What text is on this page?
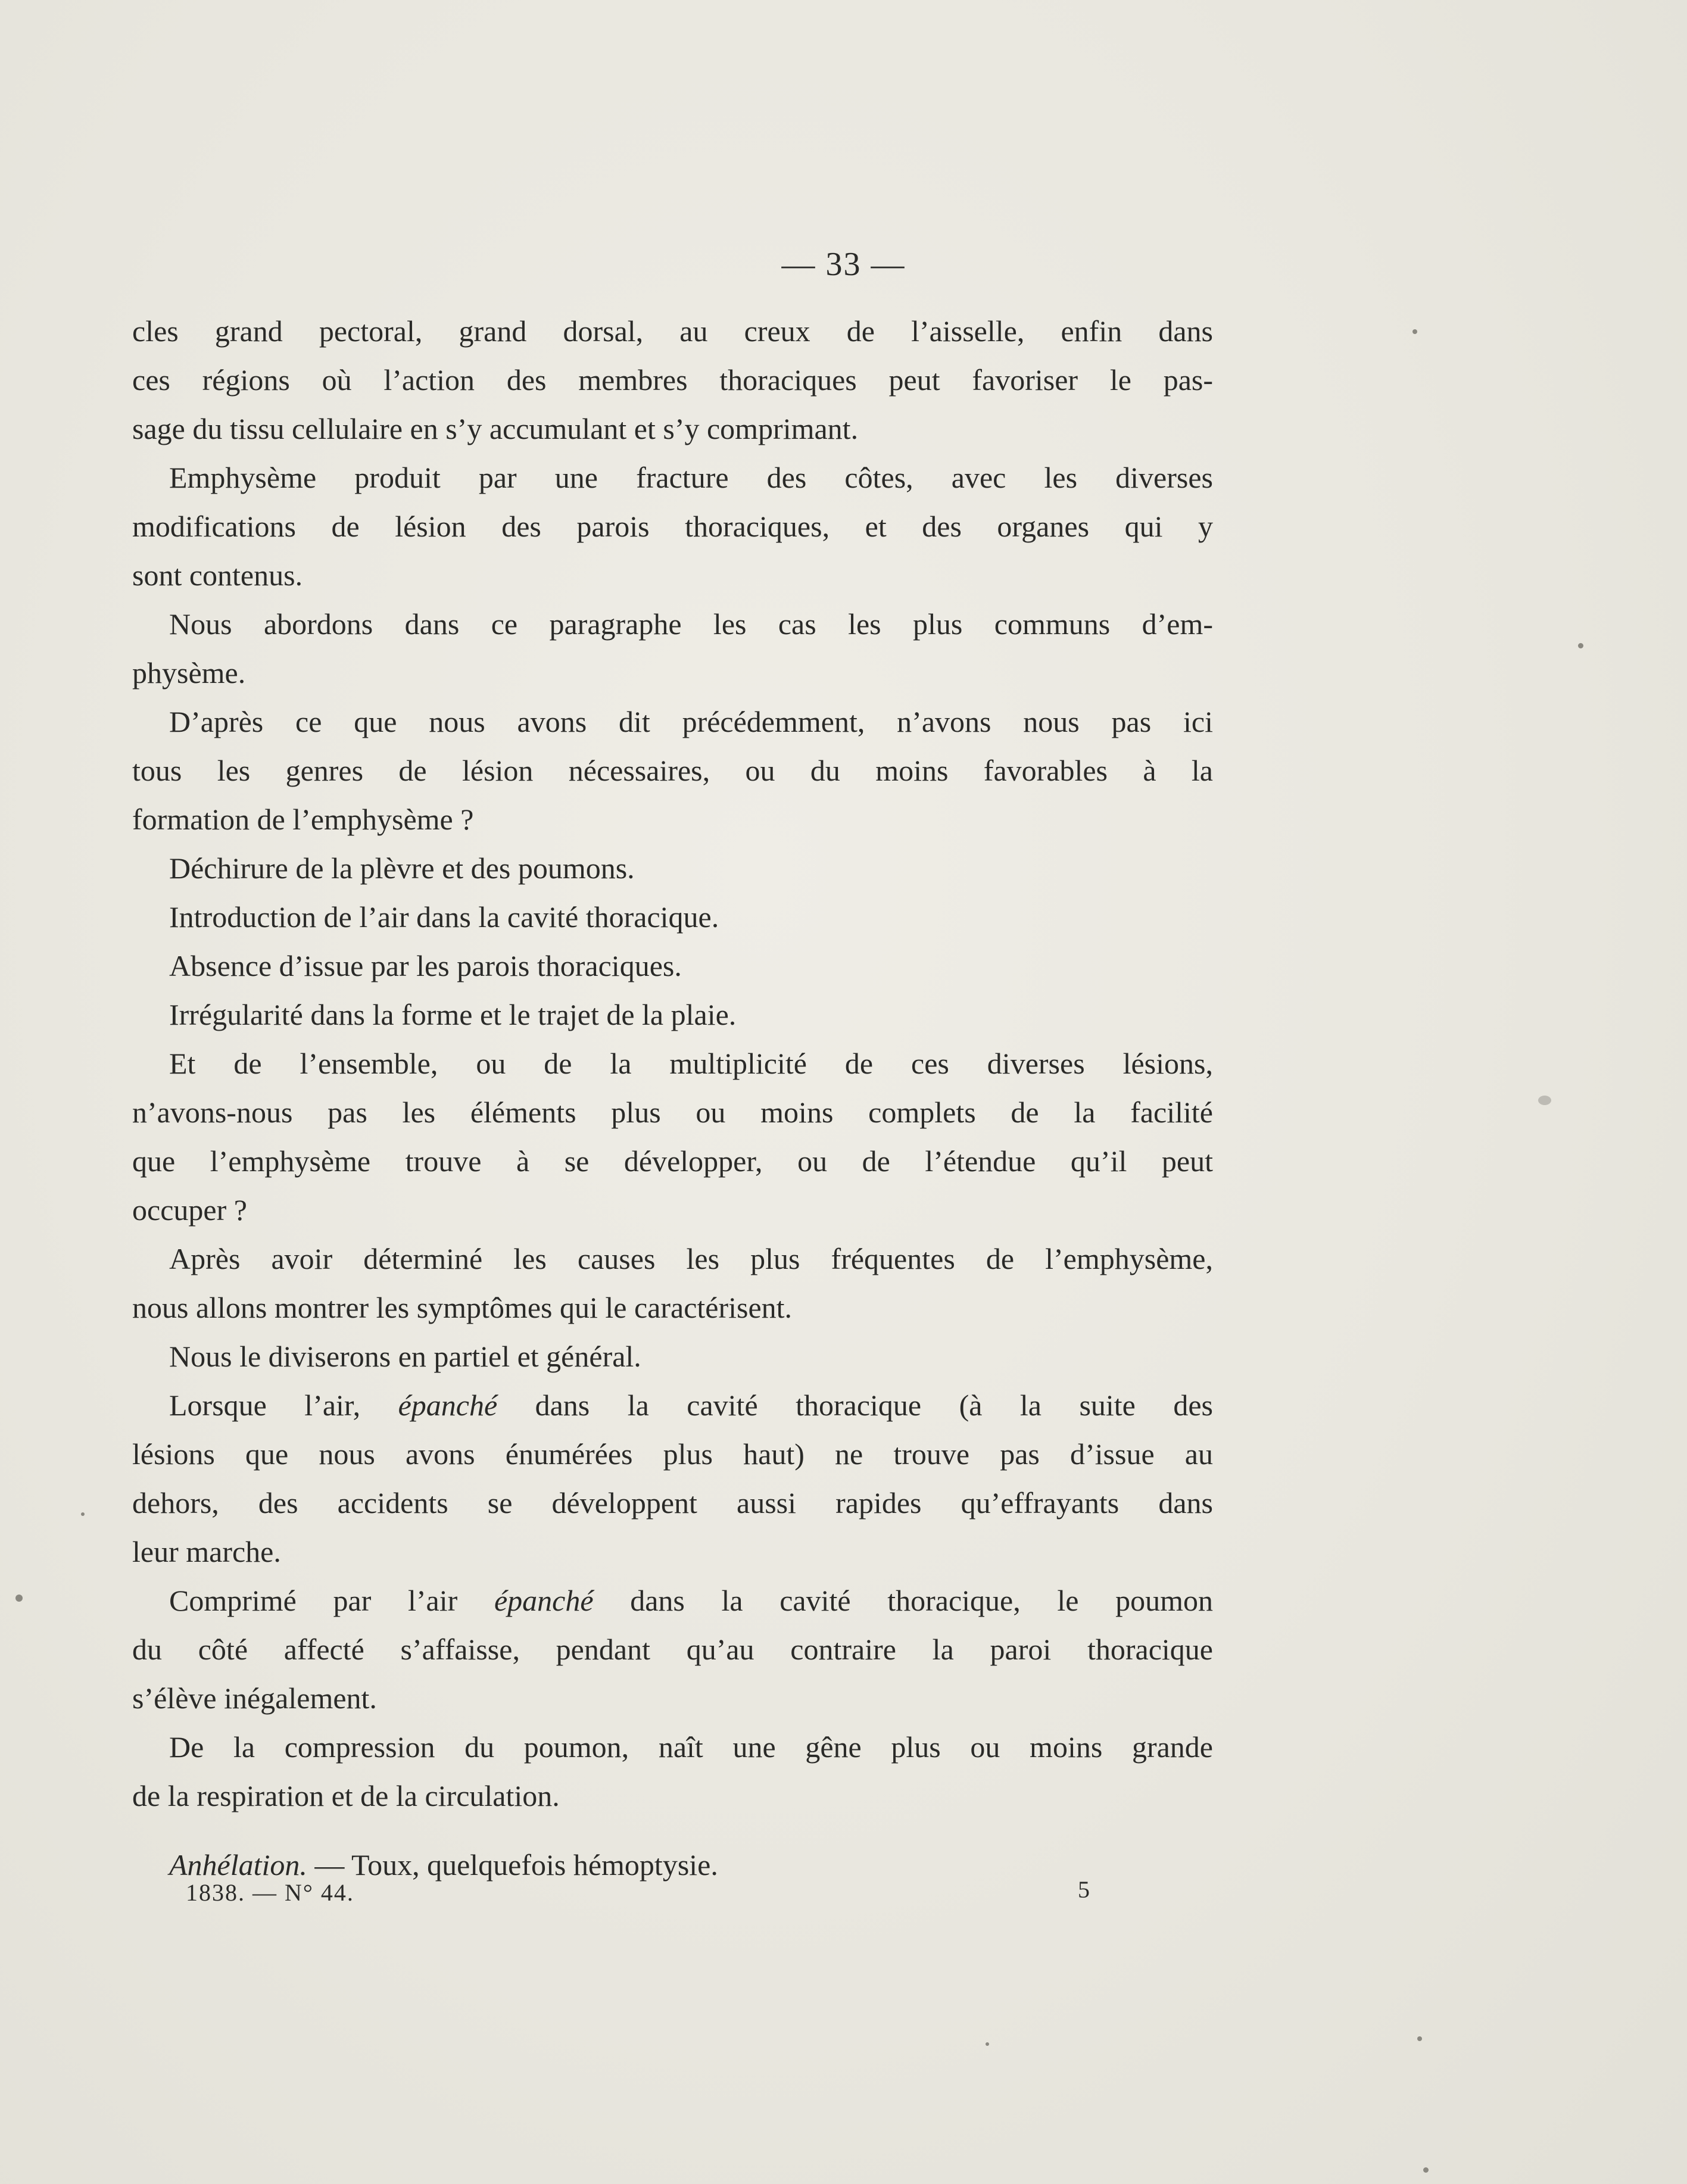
— 33 —
cles grand pectoral, grand dorsal, au creux de l’aisselle, enfin dans
ces régions où l’action des membres thoraciques peut favoriser le pas-
sage du tissu cellulaire en s’y accumulant et s’y comprimant.
Emphysème produit par une fracture des côtes, avec les diverses
modifications de lésion des parois thoraciques, et des organes qui y
sont contenus.
Nous abordons dans ce paragraphe les cas les plus communs d’em-
physème.
D’après ce que nous avons dit précédemment, n’avons nous pas ici
tous les genres de lésion nécessaires, ou du moins favorables à la
formation de l’emphysème ?
Déchirure de la plèvre et des poumons.
Introduction de l’air dans la cavité thoracique.
Absence d’issue par les parois thoraciques.
Irrégularité dans la forme et le trajet de la plaie.
Et de l’ensemble, ou de la multiplicité de ces diverses lésions,
n’avons-nous pas les éléments plus ou moins complets de la facilité
que l’emphysème trouve à se développer, ou de l’étendue qu’il peut
occuper ?
Après avoir déterminé les causes les plus fréquentes de l’emphysème,
nous allons montrer les symptômes qui le caractérisent.
Nous le diviserons en partiel et général.
Lorsque l’air, épanché dans la cavité thoracique (à la suite des
lésions que nous avons énumérées plus haut) ne trouve pas d’issue au
dehors, des accidents se développent aussi rapides qu’effrayants dans
leur marche.
Comprimé par l’air épanché dans la cavité thoracique, le poumon
du côté affecté s’affaisse, pendant qu’au contraire la paroi thoracique
s’élève inégalement.
De la compression du poumon, naît une gêne plus ou moins grande
de la respiration et de la circulation.
Anhélation. — Toux, quelquefois hémoptysie.
1838. — N° 44.	5
